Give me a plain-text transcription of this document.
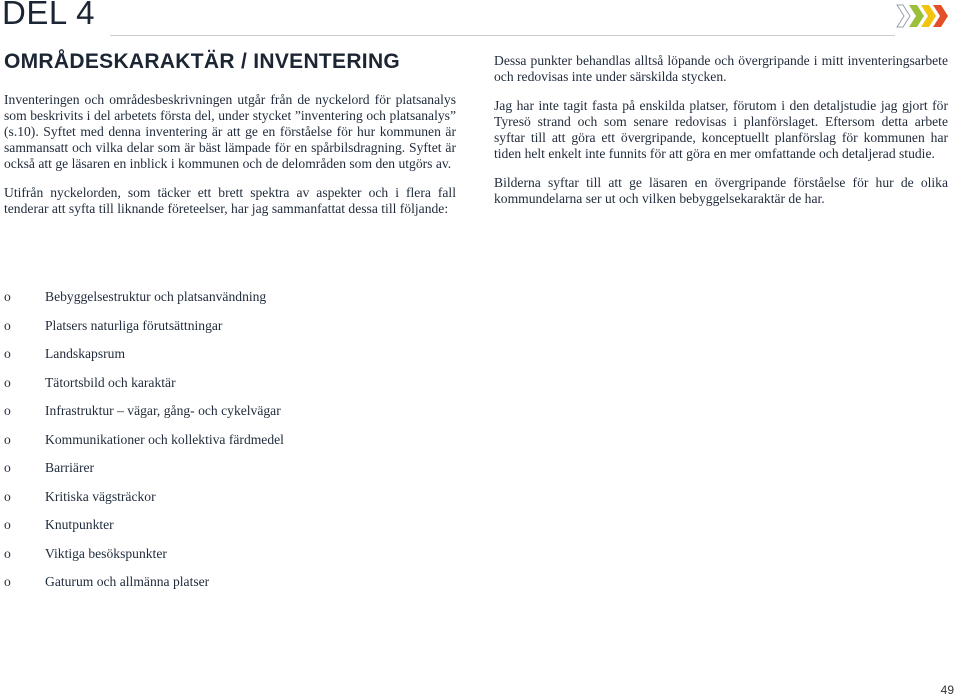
DEL 4
OMRÅDESKARAKTÄR / INVENTERING

Inventeringen och områdesbeskrivningen utgår från de nyckelord för platsanalys som beskrivits i del arbetets första del, under stycket ”inventering och platsanalys” (s.10). Syftet med denna inventering är att ge en förståelse för hur kommunen är sammansatt och vilka delar som är bäst lämpade för en spårbilsdragning. Syftet är också att ge läsaren en inblick i kommunen och de delområden som den utgörs av.

Utifrån nyckelorden, som täcker ett brett spektra av aspekter och i flera fall tenderar att syfta till liknande företeelser, har jag sammanfattat dessa till följande:

Dessa punkter behandlas alltså löpande och övergripande i mitt inventeringsarbete och redovisas inte under särskilda stycken.

Jag har inte tagit fasta på enskilda platser, förutom i den detaljstudie jag gjort för Tyresö strand och som senare redovisas i planförslaget. Eftersom detta arbete syftar till att göra ett övergripande, konceptuellt planförslag för kommunen har tiden helt enkelt inte funnits för att göra en mer omfattande och detaljerad studie.

Bilderna syftar till att ge läsaren en övergripande förståelse för hur de olika kommundelarna ser ut och vilken bebyggelsekaraktär de har.

o	Bebyggelsestruktur och platsanvändning
o	Platsers naturliga förutsättningar
o	Landskapsrum
o	Tätortsbild och karaktär
o	Infrastruktur – vägar, gång- och cykelvägar
o	Kommunikationer och kollektiva färdmedel
o	Barriärer
o	Kritiska vägsträckor
o	Knutpunkter
o	Viktiga besökspunkter
o	Gaturum och allmänna platser
49
